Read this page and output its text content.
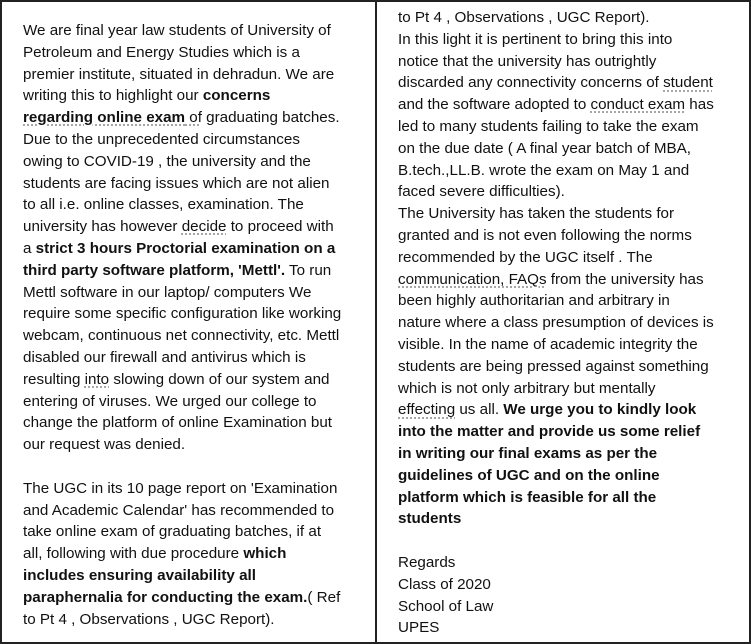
We are final year law students of University of
Petroleum and Energy Studies which is a
premier institute, situated in dehradun. We are
writing this to highlight our concerns
regarding online exam of graduating batches.
Due to the unprecedented circumstances
owing to COVID-19 , the university and the
students are facing issues which are not alien
to all i.e. online classes, examination. The
university has however decide to proceed with
a strict 3 hours Proctorial examination on a
third party software platform, 'Mettl'. To run
Mettl software in our laptop/ computers We
require some specific configuration like working
webcam, continuous net connectivity, etc. Mettl
disabled our firewall and antivirus which is
resulting into slowing down of our system and
entering of viruses. We urged our college to
change the platform of online Examination but
our request was denied.
The UGC in its 10 page report on 'Examination
and Academic Calendar' has recommended to
take online exam of graduating batches, if at
all, following with due procedure which
includes ensuring availability all
paraphernalia for conducting the exam.( Ref
to Pt 4 , Observations , UGC Report).
to Pt 4 , Observations , UGC Report).
In this light it is pertinent to bring this into
notice that the university has outrightly
discarded any connectivity concerns of student
and the software adopted to conduct exam has
led to many students failing to take the exam
on the due date ( A final year batch of MBA,
B.tech.,LL.B. wrote the exam on May 1 and
faced severe difficulties).
The University has taken the students for
granted and is not even following the norms
recommended by the UGC itself . The
communication, FAQs from the university has
been highly authoritarian and arbitrary in
nature where a class presumption of devices is
visible. In the name of academic integrity the
students are being pressed against something
which is not only arbitrary but mentally
effecting us all. We urge you to kindly look
into the matter and provide us some relief
in writing our final exams as per the
guidelines of UGC and on the online
platform which is feasible for all the
students
Regards
Class of 2020
School of Law
UPES
